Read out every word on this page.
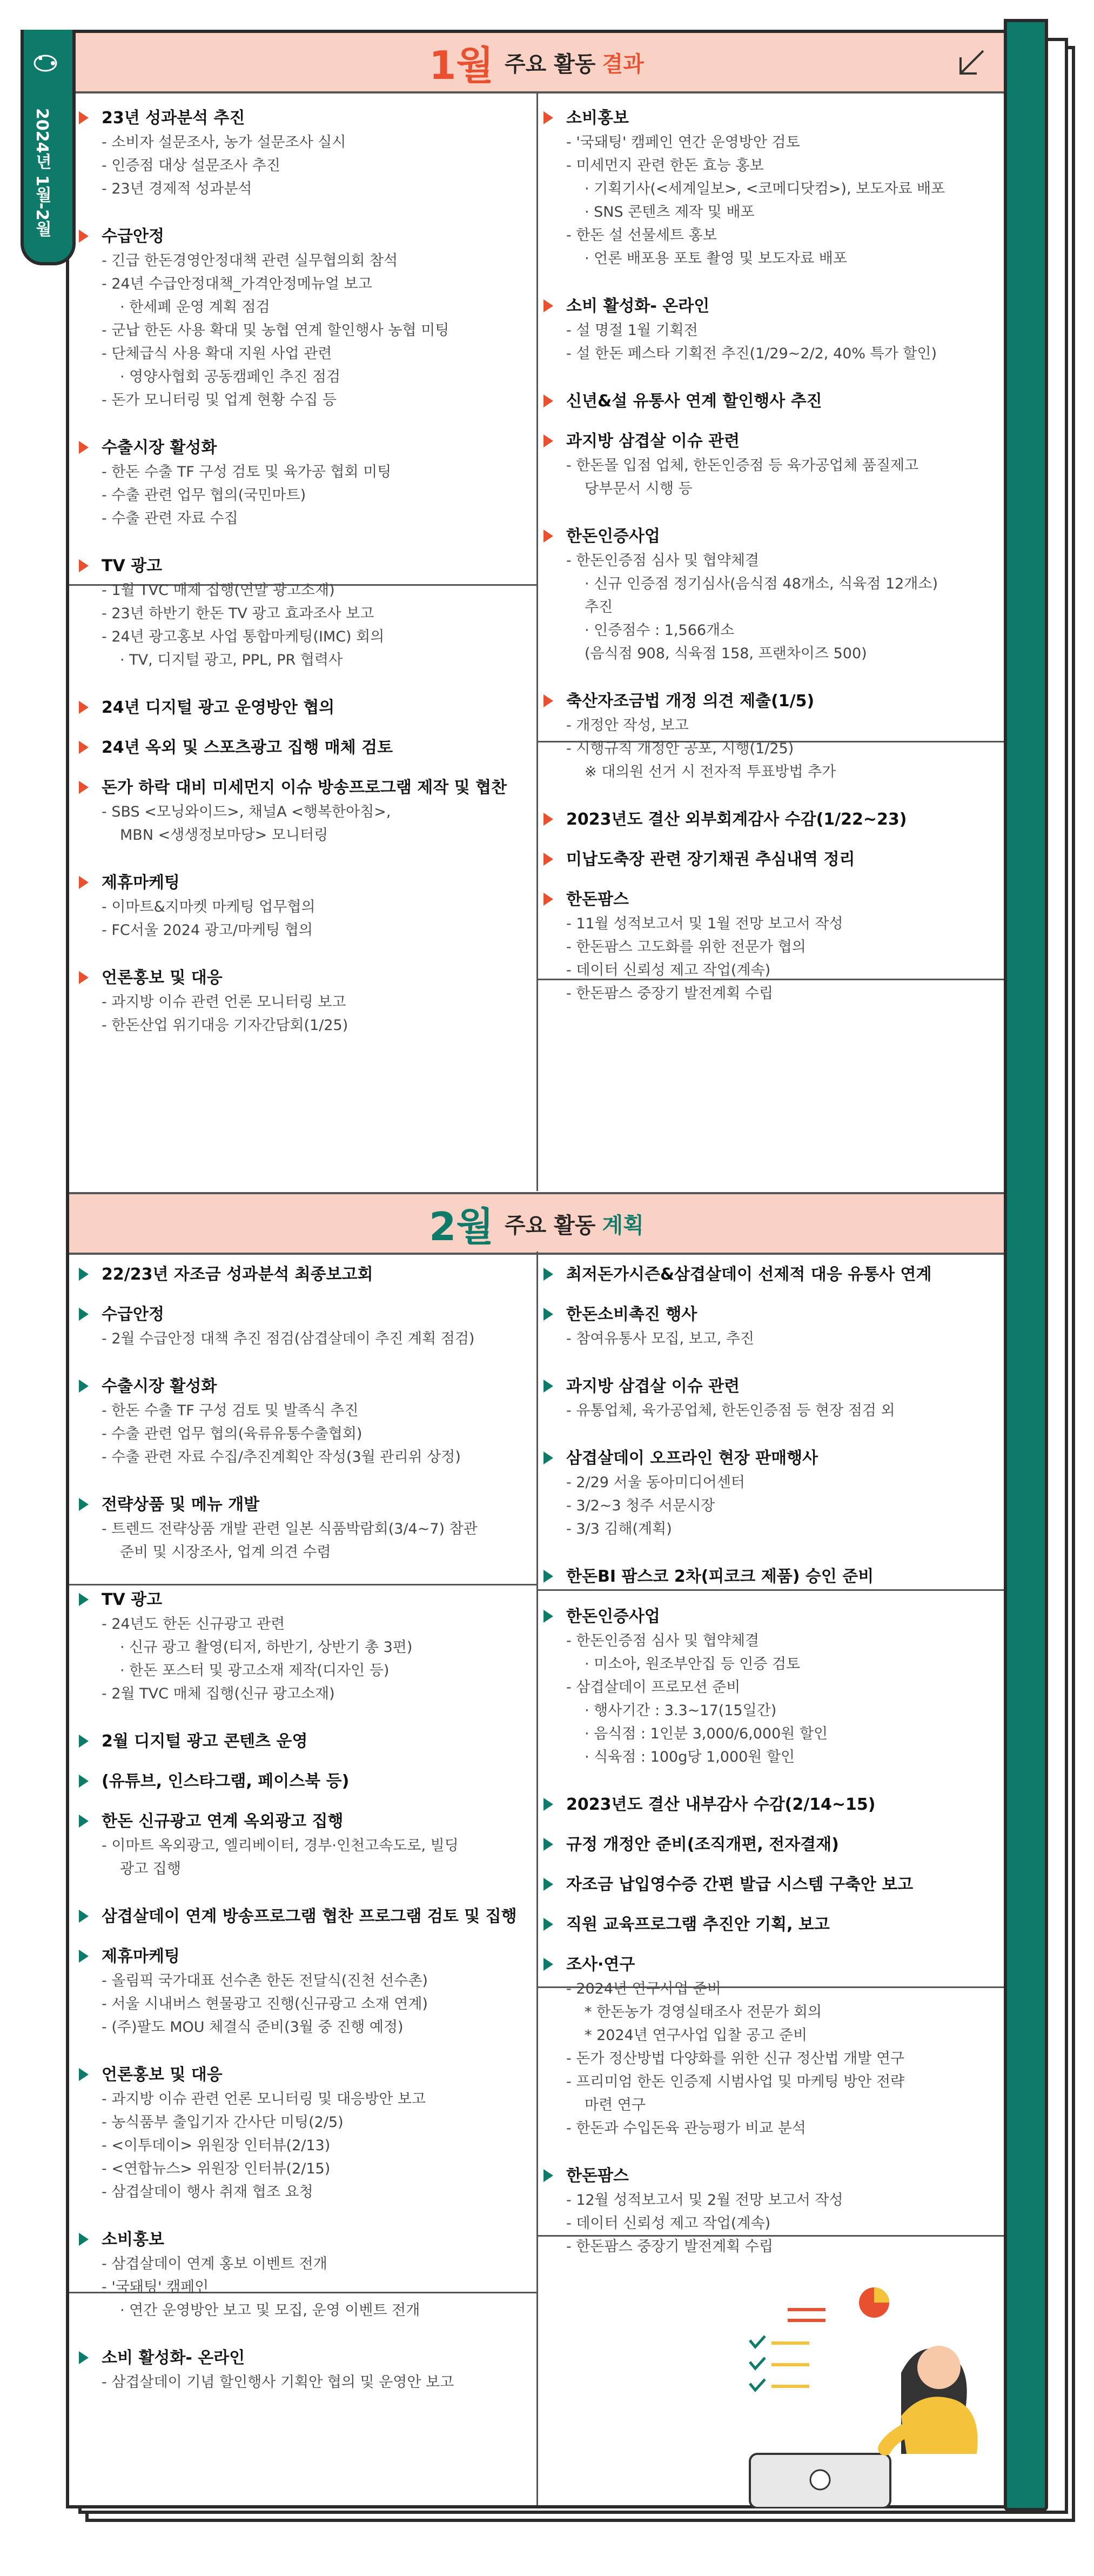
1월 주요 활동 결과
23년 성과분석 추진
- 소비자 설문조사, 농가 설문조사 실시
- 인증점 대상 설문조사 추진
- 23년 경제적 성과분석
수급안정
- 긴급 한돈경영안정대책 관련 실무협의회 참석
- 24년 수급안정대책_가격안정메뉴얼 보고
· 한세폐 운영 계획 점검
- 군납 한돈 사용 확대 및 농협 연계 할인행사 농협 미팅
- 단체급식 사용 확대 지원 사업 관련
· 영양사협회 공동캠페인 추진 점검
- 돈가 모니터링 및 업계 현황 수집 등
수출시장 활성화
- 한돈 수출 TF 구성 검토 및 육가공 협회 미팅
- 수출 관련 업무 협의(국민마트)
- 수출 관련 자료 수집
TV 광고
- 1월 TVC 매체 집행(연말 광고소재)
- 23년 하반기 한돈 TV 광고 효과조사 보고
- 24년 광고홍보 사업 통합마케팅(IMC) 회의
· TV, 디지털 광고, PPL, PR 협력사
24년 디지털 광고 운영방안 협의
24년 옥외 및 스포츠광고 집행 매체 검토
돈가 하락 대비 미세먼지 이슈 방송프로그램 제작 및 협찬
- SBS <모닝와이드>, 채널A <행복한아침>,
MBN <생생정보마당> 모니터링
제휴마케팅
- 이마트&지마켓 마케팅 업무협의
- FC서울 2024 광고/마케팅 협의
언론홍보 및 대응
- 과지방 이슈 관련 언론 모니터링 보고
- 한돈산업 위기대응 기자간담회(1/25)
소비홍보
- '국돼팅' 캠페인 연간 운영방안 검토
- 미세먼지 관련 한돈 효능 홍보
· 기획기사(<세계일보>, <코메디닷컴>), 보도자료 배포
· SNS 콘텐츠 제작 및 배포
- 한돈 설 선물세트 홍보
· 언론 배포용 포토 촬영 및 보도자료 배포
소비 활성화- 온라인
- 설 명절 1월 기획전
- 설 한돈 페스타 기획전 추진(1/29~2/2, 40% 특가 할인)
신년&설 유통사 연계 할인행사 추진
과지방 삼겹살 이슈 관련
- 한돈몰 입점 업체, 한돈인증점 등 육가공업체 품질제고
당부문서 시행 등
한돈인증사업
- 한돈인증점 심사 및 협약체결
· 신규 인증점 정기심사(음식점 48개소, 식육점 12개소)
추진
· 인증점수 : 1,566개소
(음식점 908, 식육점 158, 프랜차이즈 500)
축산자조금법 개정 의견 제출(1/5)
- 개정안 작성, 보고
- 시행규칙 개정안 공포, 시행(1/25)
※ 대의원 선거 시 전자적 투표방법 추가
2023년도 결산 외부회계감사 수감(1/22~23)
미납도축장 관련 장기채권 추심내역 정리
한돈팜스
- 11월 성적보고서 및 1월 전망 보고서 작성
- 한돈팜스 고도화를 위한 전문가 협의
- 데이터 신뢰성 제고 작업(계속)
- 한돈팜스 중장기 발전계획 수립
2월 주요 활동 계획
22/23년 자조금 성과분석 최종보고회
수급안정
- 2월 수급안정 대책 추진 점검(삼겹살데이 추진 계획 점검)
수출시장 활성화
- 한돈 수출 TF 구성 검토 및 발족식 추진
- 수출 관련 업무 협의(육류유통수출협회)
- 수출 관련 자료 수집/추진계획안 작성(3월 관리위 상정)
전략상품 및 메뉴 개발
- 트렌드 전략상품 개발 관련 일본 식품박람회(3/4~7) 참관
준비 및 시장조사, 업계 의견 수렴
TV 광고
- 24년도 한돈 신규광고 관련
· 신규 광고 촬영(티저, 하반기, 상반기 총 3편)
· 한돈 포스터 및 광고소재 제작(디자인 등)
- 2월 TVC 매체 집행(신규 광고소재)
2월 디지털 광고 콘텐츠 운영
(유튜브, 인스타그램, 페이스북 등)
한돈 신규광고 연계 옥외광고 집행
- 이마트 옥외광고, 엘리베이터, 경부·인천고속도로, 빌딩
광고 집행
삼겹살데이 연계 방송프로그램 협찬 프로그램 검토 및 집행
제휴마케팅
- 올림픽 국가대표 선수촌 한돈 전달식(진천 선수촌)
- 서울 시내버스 현물광고 진행(신규광고 소재 연계)
- (주)팔도 MOU 체결식 준비(3월 중 진행 예정)
언론홍보 및 대응
- 과지방 이슈 관련 언론 모니터링 및 대응방안 보고
- 농식품부 출입기자 간사단 미팅(2/5)
- <이투데이> 위원장 인터뷰(2/13)
- <연합뉴스> 위원장 인터뷰(2/15)
- 삼겹살데이 행사 취재 협조 요청
소비홍보
- 삼겹살데이 연계 홍보 이벤트 전개
- '국돼팅' 캠페인
· 연간 운영방안 보고 및 모집, 운영 이벤트 전개
소비 활성화- 온라인
- 삼겹살데이 기념 할인행사 기획안 협의 및 운영안 보고
최저돈가시즌&삼겹살데이 선제적 대응 유통사 연계
한돈소비촉진 행사
- 참여유통사 모집, 보고, 추진
과지방 삼겹살 이슈 관련
- 유통업체, 육가공업체, 한돈인증점 등 현장 점검 외
삼겹살데이 오프라인 현장 판매행사
- 2/29 서울 동아미디어센터
- 3/2~3 청주 서문시장
- 3/3 김해(계획)
한돈BI 팜스코 2차(피코크 제품) 승인 준비
한돈인증사업
- 한돈인증점 심사 및 협약체결
· 미소아, 원조부안집 등 인증 검토
- 삼겹살데이 프로모션 준비
· 행사기간 : 3.3~17(15일간)
· 음식점 : 1인분 3,000/6,000원 할인
· 식육점 : 100g당 1,000원 할인
2023년도 결산 내부감사 수감(2/14~15)
규정 개정안 준비(조직개편, 전자결재)
자조금 납입영수증 간편 발급 시스템 구축안 보고
직원 교육프로그램 추진안 기획, 보고
조사·연구
- 2024년 연구사업 준비
* 한돈농가 경영실태조사 전문가 회의
* 2024년 연구사업 입찰 공고 준비
- 돈가 정산방법 다양화를 위한 신규 정산법 개발 연구
- 프리미엄 한돈 인증제 시범사업 및 마케팅 방안 전략
마련 연구
- 한돈과 수입돈육 관능평가 비교 분석
한돈팜스
- 12월 성적보고서 및 2월 전망 보고서 작성
- 데이터 신뢰성 제고 작업(계속)
- 한돈팜스 중장기 발전계획 수립
2024년 1월-2월
